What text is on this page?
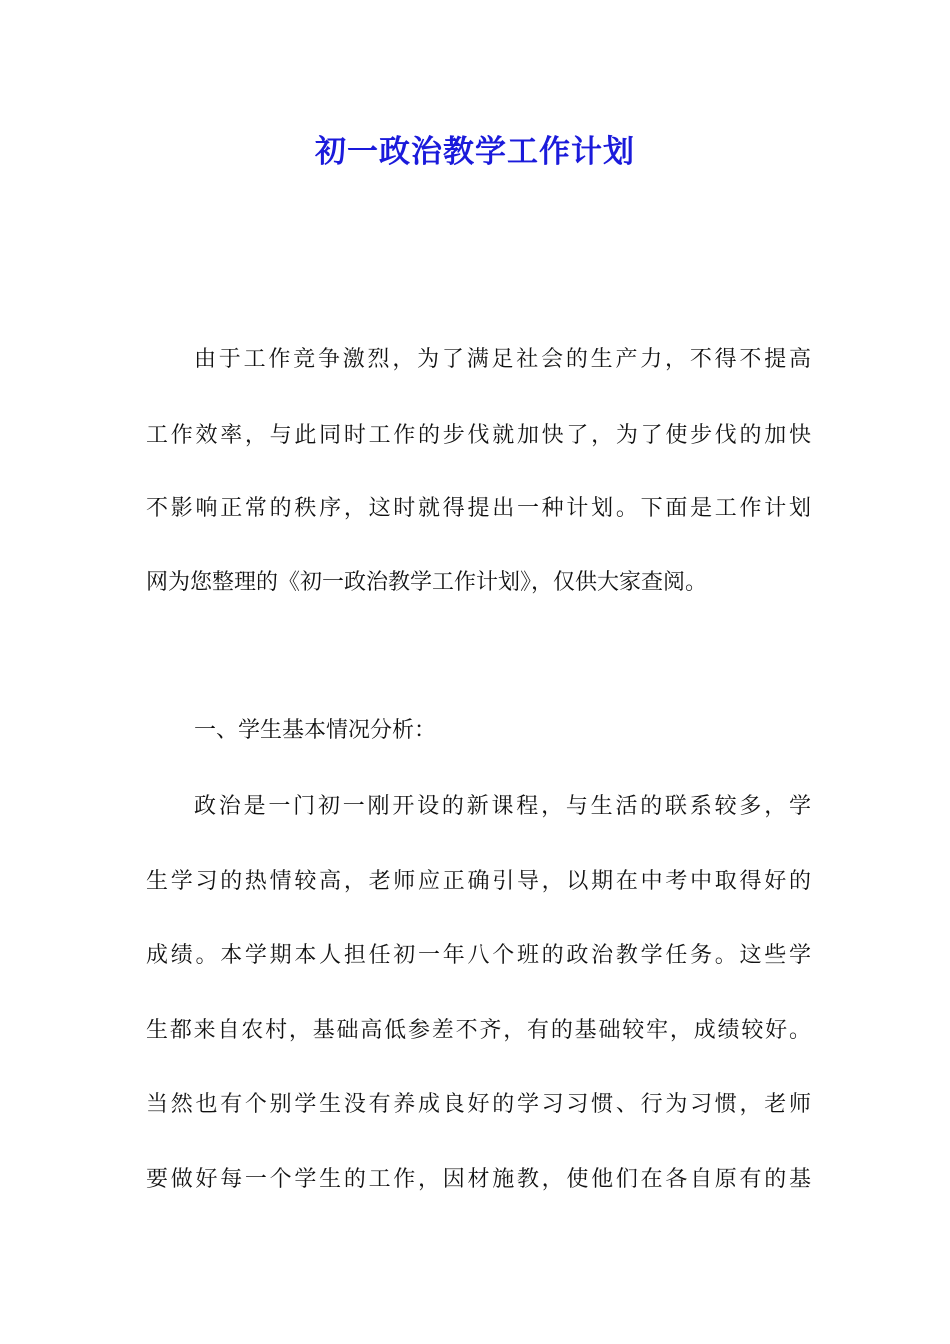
初一政治教学工作计划

由于工作竞争激烈，为了满足社会的生产力，不得不提高

工作效率，与此同时工作的步伐就加快了，为了使步伐的加快

不影响正常的秩序，这时就得提出一种计划。下面是工作计划

网为您整理的《初一政治教学工作计划》，仅供大家查阅。

一、学生基本情况分析：

政治是一门初一刚开设的新课程，与生活的联系较多，学

生学习的热情较高，老师应正确引导，以期在中考中取得好的

成绩。本学期本人担任初一年八个班的政治教学任务。这些学

生都来自农村，基础高低参差不齐，有的基础较牢，成绩较好。

当然也有个别学生没有养成良好的学习习惯、行为习惯，老师

要做好每一个学生的工作，因材施教，使他们在各自原有的基
